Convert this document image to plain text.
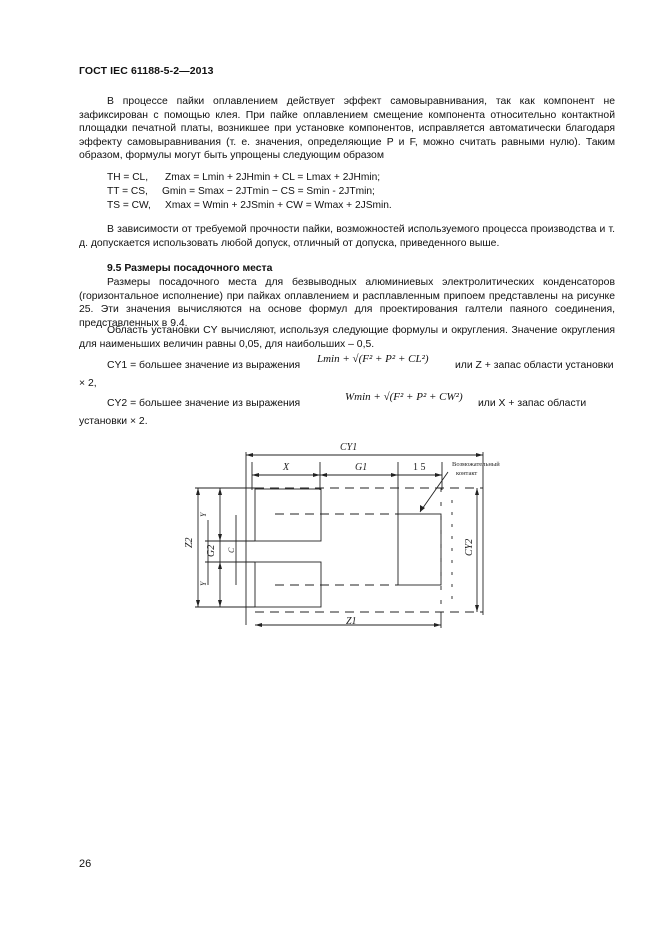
ГОСТ IEC 61188-5-2—2013
В процессе пайки оплавлением действует эффект самовыравнивания, так как компонент не зафиксирован с помощью клея. При пайке оплавлением смещение компонента относительно контактной площадки печатной платы, возникшее при установке компонентов, исправляется автоматически благодаря эффекту самовыравнивания (т. е. значения, определяющие P и F, можно считать равными нулю). Таким образом, формулы могут быть упрощены следующим образом
TH = CL,      Zmax = Lmin + 2JHmin + CL = Lmax + 2JHmin;
TT = CS,     Gmin = Smax − 2JTmin − CS = Smin - 2JTmin;
TS = CW,     Xmax = Wmin + 2JSmin + CW = Wmax + 2JSmin.
В зависимости от требуемой прочности пайки, возможностей используемого процесса производства и т. д. допускается использовать любой допуск, отличный от допуска, приведенного выше.
9.5 Размеры посадочного места
Размеры посадочного места для безвыводных алюминиевых электролитических конденсаторов (горизонтальное исполнение) при пайках оплавлением и расплавленным припоем представлены на рисунке 25. Эти значения вычисляются на основе формул для проектирования галтели паяного соединения, представленных в 9.4.
Область установки CY вычисляют, используя следующие формулы и округления. Значение округления для наименьших величин равны 0,05, для наибольших – 0,5.
CY1 = большее значение из выражения
Lmin + √(F² + P² + CL²)
или Z + запас области установки
× 2,
CY2 = большее значение из выражения
Wmin + √(F² + P² + CW²)
или X + запас области
установки × 2.
CY1
X	G1	1 5	Возможательный
контакт
Z1
Z2
Y
Y
G2 C	CY2
26
